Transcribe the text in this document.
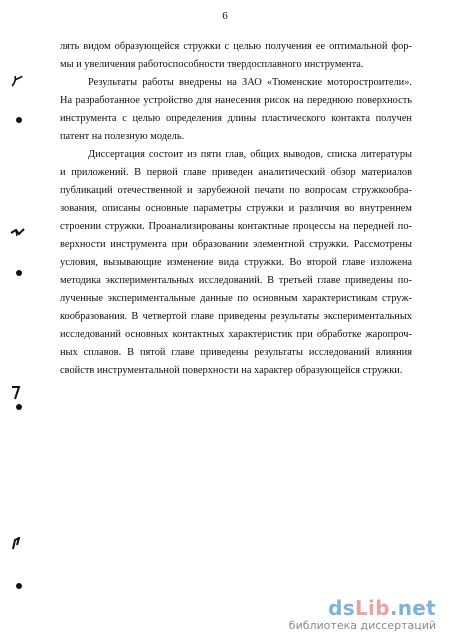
6
лять видом образующейся стружки с целью получения ее оптимальной фор-
мы и увеличения работоспособности твердосплавного инструмента.
Результаты работы внедрены на ЗАО «Тюменские моторостроители».
На разработанное устройство для нанесения рисок на переднюю поверхность
инструмента с целью определения длины пластического контакта получен
патент на полезную модель.
Диссертация состоит из пяти глав, общих выводов, списка литературы
и приложений. В первой главе приведен аналитический обзор материалов
публикаций отечественной и зарубежной печати по вопросам стружкообра-
зования, описаны основные параметры стружки и различия во внутреннем
строении стружки. Проанализированы контактные процессы на передней по-
верхности инструмента при образовании элементной стружки. Рассмотрены
условия, вызывающие изменение вида стружки. Во второй главе изложена
методика экспериментальных исследований. В третьей главе приведены по-
лученные экспериментальные данные по основным характеристикам струж-
кообразования. В четвертой главе приведены результаты экспериментальных
исследований основных контактных характеристик при обработке жаропроч-
ных сплавов. В пятой главе приведены результаты исследований влияния
свойств инструментальной поверхности на характер образующейся стружки.
dsLib.net
библиотека диссертаций
